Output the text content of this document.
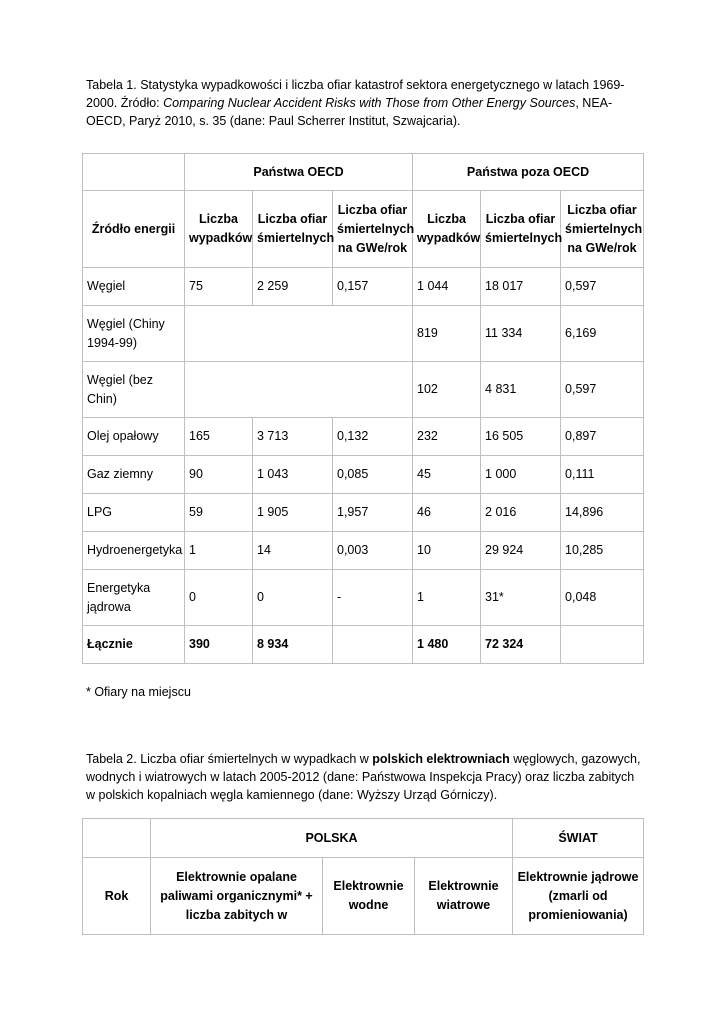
Tabela 1. Statystyka wypadkowości i liczba ofiar katastrof sektora energetycznego w latach 1969-2000. Źródło: Comparing Nuclear Accident Risks with Those from Other Energy Sources, NEA-OECD, Paryż 2010, s. 35 (dane: Paul Scherrer Institut, Szwajcaria).
	Państwa OECD			Państwa poza OECD		
Źródło energii	Liczba wypadków	Liczba ofiar śmiertelnych	Liczba ofiar śmiertelnych na GWe/rok	Liczba wypadków	Liczba ofiar śmiertelnych	Liczba ofiar śmiertelnych na GWe/rok
Węgiel	75	2 259	0,157	1 044	18 017	0,597
Węgiel (Chiny 1994-99)				819	11 334	6,169
Węgiel (bez Chin)				102	4 831	0,597
Olej opałowy	165	3 713	0,132	232	16 505	0,897
Gaz ziemny	90	1 043	0,085	45	1 000	0,111
LPG	59	1 905	1,957	46	2 016	14,896
Hydroenergetyka	1	14	0,003	10	29 924	10,285
Energetyka jądrowa	0	0	-	1	31*	0,048
Łącznie	390	8 934		1 480	72 324	
* Ofiary na miejscu
Tabela 2. Liczba ofiar śmiertelnych w wypadkach w polskich elektrowniach węglowych, gazowych, wodnych i wiatrowych w latach 2005-2012 (dane: Państwowa Inspekcja Pracy) oraz liczba zabitych w polskich kopalniach węgla kamiennego (dane: Wyższy Urząd Górniczy).
	POLSKA			ŚWIAT
Rok	Elektrownie opalane paliwami organicznymi* + liczba zabitych w	Elektrownie wodne	Elektrownie wiatrowe	Elektrownie jądrowe (zmarli od promieniowania)
